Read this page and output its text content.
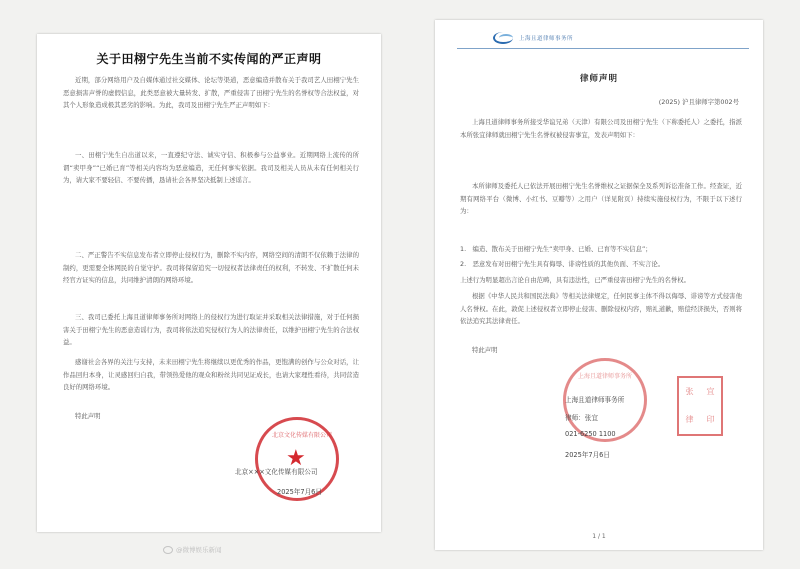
关于田栩宁先生当前不实传闻的严正声明
近期，部分网络用户及自媒体通过社交媒体、论坛等渠道，恶意编造并散布关于我司艺人田栩宁先生恶意损害声誉的虚假信息，此类恶意被大量转发、扩散，严重侵害了田栩宁先生的名誉权等合法权益，对其个人形象造成极其恶劣的影响。为此，我司及田栩宁先生严正声明如下：
一、田栩宁先生自出道以来，一直遵纪守法、诚实守信、积极参与公益事业。近期网络上流传的所谓“卖甲身”“已婚已育”等相关内容均为恶意编造，无任何事实依据。我司及相关人员从未有任何相关行为，请大家不要轻信、不要传播，恳请社会各界坚决抵制上述谣言。
二、严正警告不实信息发布者立即停止侵权行为，删除不实内容，网络空间的清朗不仅依赖于法律的制约，更需要全体网民的自觉守护。我司将保留追究一切侵权者法律责任的权利，不转发、不扩散任何未经官方证实的信息，共同维护清朗的网络环境。
三、我司已委托上海且道律师事务所对网络上的侵权行为进行取证并采取相关法律措施，对于任何损害关于田栩宁先生的恶意造谣行为，我司将依法追究侵权行为人的法律责任，以维护田栩宁先生的合法权益。
感谢社会各界的关注与支持，未来田栩宁先生将继续以更优秀的作品，更饱满的创作与公众对话，让作品回归本身，让灵感回归自我，带领热爱他的观众和粉丝共同见证成长，也请大家理性看待，共同营造良好的网络环境。
特此声明
北京文化传媒有限公司
★
北京×××文化传媒有限公司
2025年7月6日
上海且道律师事务所
律师声明
(2025) 沪且律师字第002号
上海且道律师事务所接受华谊兄弟（天津）有限公司及田栩宁先生（下称委托人）之委托，指派本所张宜律师就田栩宁先生名誉权被侵害事宜，发表声明如下：
本所律师及委托人已依法开展田栩宁先生名誉维权之证据保全及系列诉讼准备工作。经查证，近期有网络平台（微博、小红书、豆瓣等）之用户（详见附页）持续实施侵权行为，不限于以下述行为：
1.　编造、散布关于田栩宁先生“卖甲身、已婚、已育等不实信息”；
2.　恶意发布对田栩宁先生具有侮辱、诽谤性质的其他负面、不实言论。
上述行为明显超出言论自由范畴，具有违法性，已严重侵害田栩宁先生的名誉权。
根据《中华人民共和国民法典》等相关法律规定，任何民事主体不得以侮辱、诽谤等方式侵害他人名誉权。在此，敦促上述侵权者立即停止侵害、删除侵权内容，赔礼道歉，赔偿经济损失，否则将依法追究其法律责任。
特此声明
上海且道律师事务所
张 宜
律 印
上海且道律师事务所
律师：张宜
021-6250 1100
2025年7月6日
1 / 1
@微博娱乐新闻
